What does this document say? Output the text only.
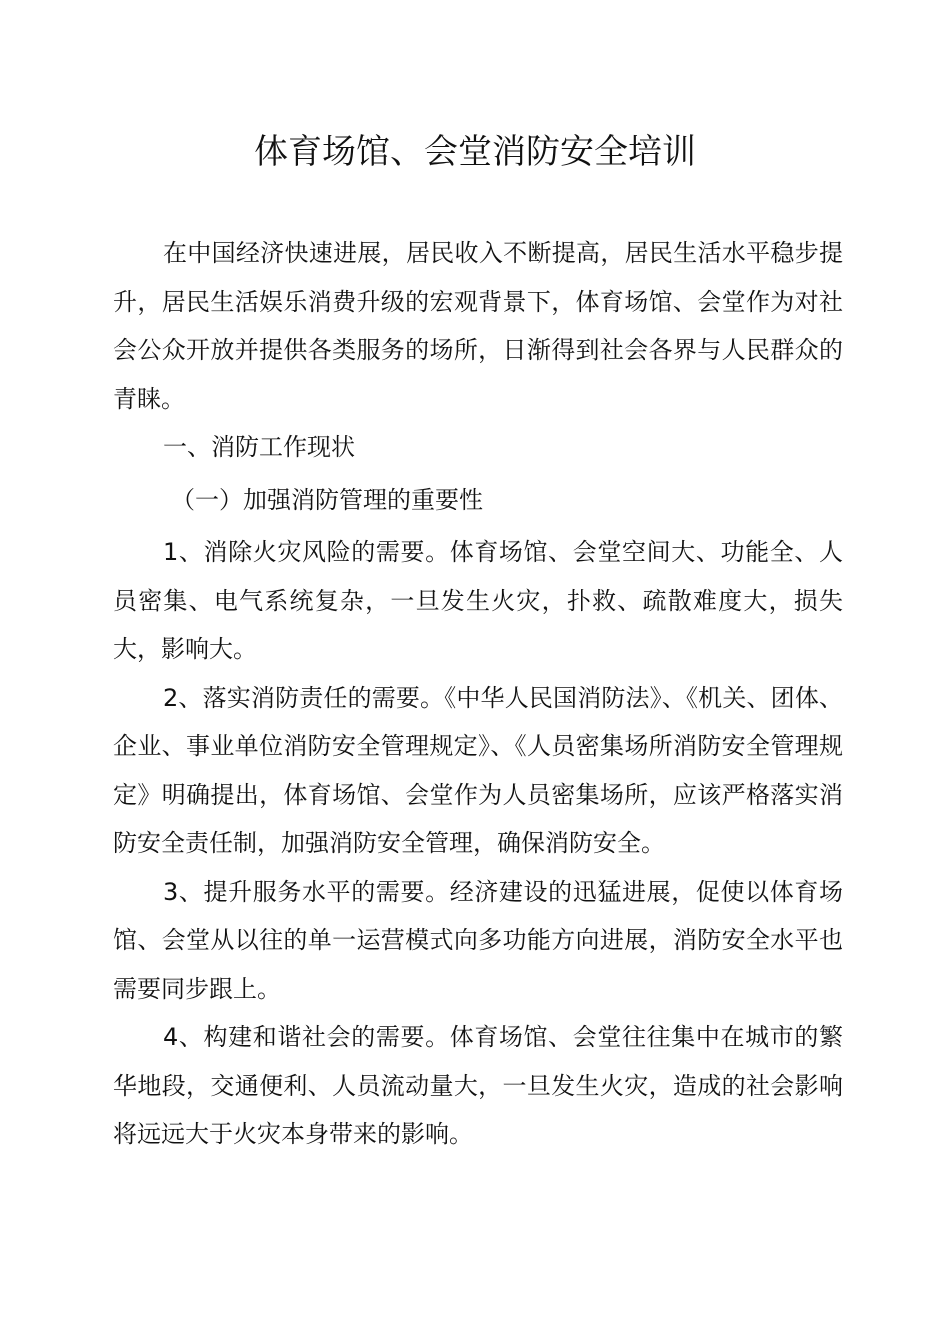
体育场馆、会堂消防安全培训

在中国经济快速进展，居民收入不断提高，居民生活水平稳步提升，居民生活娱乐消费升级的宏观背景下，体育场馆、会堂作为对社会公众开放并提供各类服务的场所，日渐得到社会各界与人民群众的青睐。

一、消防工作现状

（一）加强消防管理的重要性

1、消除火灾风险的需要。体育场馆、会堂空间大、功能全、人员密集、电气系统复杂，一旦发生火灾，扑救、疏散难度大，损失大，影响大。

2、落实消防责任的需要。《中华人民国消防法》、《机关、团体、企业、事业单位消防安全管理规定》、《人员密集场所消防安全管理规定》明确提出，体育场馆、会堂作为人员密集场所，应该严格落实消防安全责任制，加强消防安全管理，确保消防安全。

3、提升服务水平的需要。经济建设的迅猛进展，促使以体育场馆、会堂从以往的单一运营模式向多功能方向进展，消防安全水平也需要同步跟上。

4、构建和谐社会的需要。体育场馆、会堂往往集中在城市的繁华地段，交通便利、人员流动量大，一旦发生火灾，造成的社会影响将远远大于火灾本身带来的影响。
